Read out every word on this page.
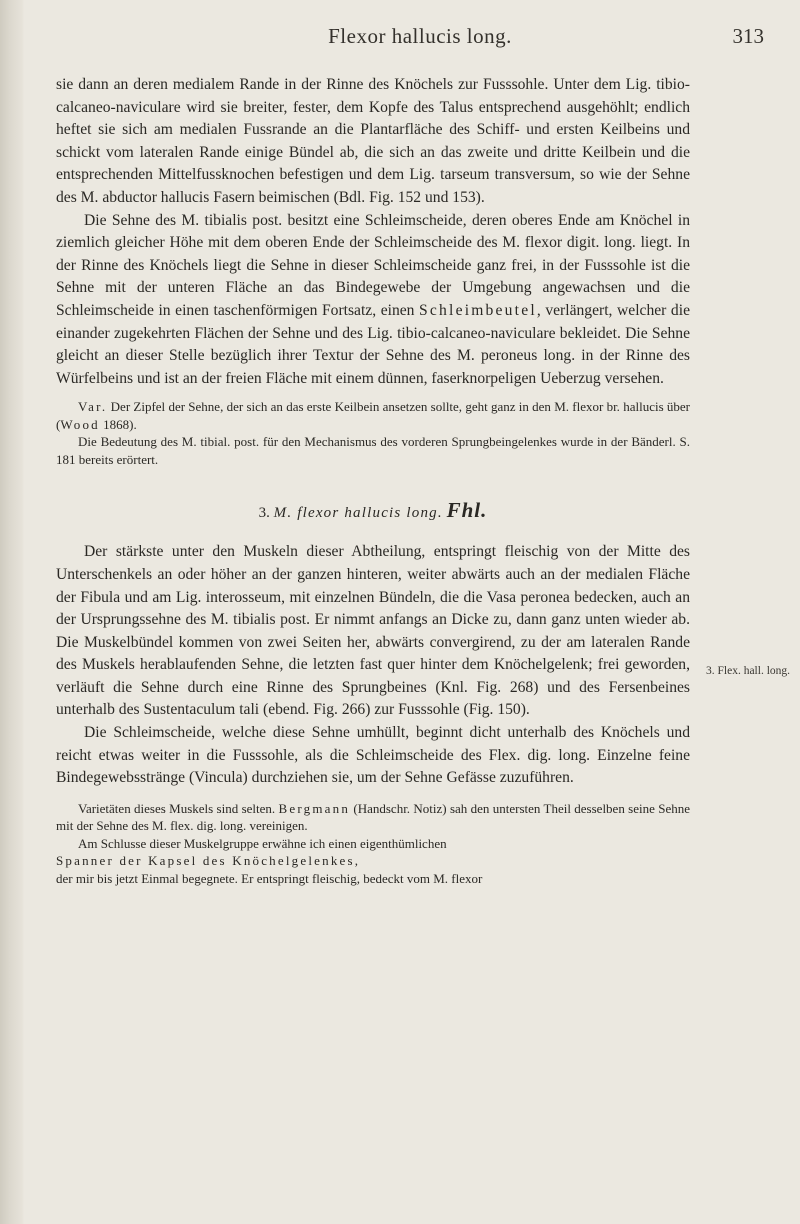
Flexor hallucis long.	313

sie dann an deren medialem Rande in der Rinne des Knöchels zur Fusssohle. Unter dem Lig. tibio-calcaneo-naviculare wird sie breiter, fester, dem Kopfe des Talus entsprechend ausgehöhlt; endlich heftet sie sich am medialen Fussrande an die Plantarfläche des Schiff- und ersten Keilbeins und schickt vom lateralen Rande einige Bündel ab, die sich an das zweite und dritte Keilbein und die entsprechenden Mittelfussknochen befestigen und dem Lig. tarseum transversum, so wie der Sehne des M. abductor hallucis Fasern beimischen (Bdl. Fig. 152 und 153).

Die Sehne des M. tibialis post. besitzt eine Schleimscheide, deren oberes Ende am Knöchel in ziemlich gleicher Höhe mit dem oberen Ende der Schleimscheide des M. flexor digit. long. liegt. In der Rinne des Knöchels liegt die Sehne in dieser Schleimscheide ganz frei, in der Fusssohle ist die Sehne mit der unteren Fläche an das Bindegewebe der Umgebung angewachsen und die Schleimscheide in einen taschenförmigen Fortsatz, einen Schleimbeutel, verlängert, welcher die einander zugekehrten Flächen der Sehne und des Lig. tibio-calcaneo-naviculare bekleidet. Die Sehne gleicht an dieser Stelle bezüglich ihrer Textur der Sehne des M. peroneus long. in der Rinne des Würfelbeins und ist an der freien Fläche mit einem dünnen, faserknorpeligen Ueberzug versehen.

Var. Der Zipfel der Sehne, der sich an das erste Keilbein ansetzen sollte, geht ganz in den M. flexor br. hallucis über (Wood 1868).

Die Bedeutung des M. tibial. post. für den Mechanismus des vorderen Sprungbeingelenkes wurde in der Bänderl. S. 181 bereits erörtert.

3. M. flexor hallucis long. Fhl.

Der stärkste unter den Muskeln dieser Abtheilung, entspringt fleischig von der Mitte des Unterschenkels an oder höher an der ganzen hinteren, weiter abwärts auch an der medialen Fläche der Fibula und am Lig. interosseum, mit einzelnen Bündeln, die die Vasa peronea bedecken, auch an der Ursprungssehne des M. tibialis post. Er nimmt anfangs an Dicke zu, dann ganz unten wieder ab. Die Muskelbündel kommen von zwei Seiten her, abwärts convergirend, zu der am lateralen Rande des Muskels herablaufenden Sehne, die letzten fast quer hinter dem Knöchelgelenk; frei geworden, verläuft die Sehne durch eine Rinne des Sprungbeines (Knl. Fig. 268) und des Fersenbeines unterhalb des Sustentaculum tali (ebend. Fig. 266) zur Fusssohle (Fig. 150).

Die Schleimscheide, welche diese Sehne umhüllt, beginnt dicht unterhalb des Knöchels und reicht etwas weiter in die Fusssohle, als die Schleimscheide des Flex. dig. long. Einzelne feine Bindegewebsstränge (Vincula) durchziehen sie, um der Sehne Gefässe zuzuführen.

Varietäten dieses Muskels sind selten. Bergmann (Handschr. Notiz) sah den untersten Theil desselben seine Sehne mit der Sehne des M. flex. dig. long. vereinigen.

Am Schlusse dieser Muskelgruppe erwähne ich einen eigenthümlichen
Spanner der Kapsel des Knöchelgelenkes,
der mir bis jetzt Einmal begegnete. Er entspringt fleischig, bedeckt vom M. flexor

3. Flex. hall. long.
